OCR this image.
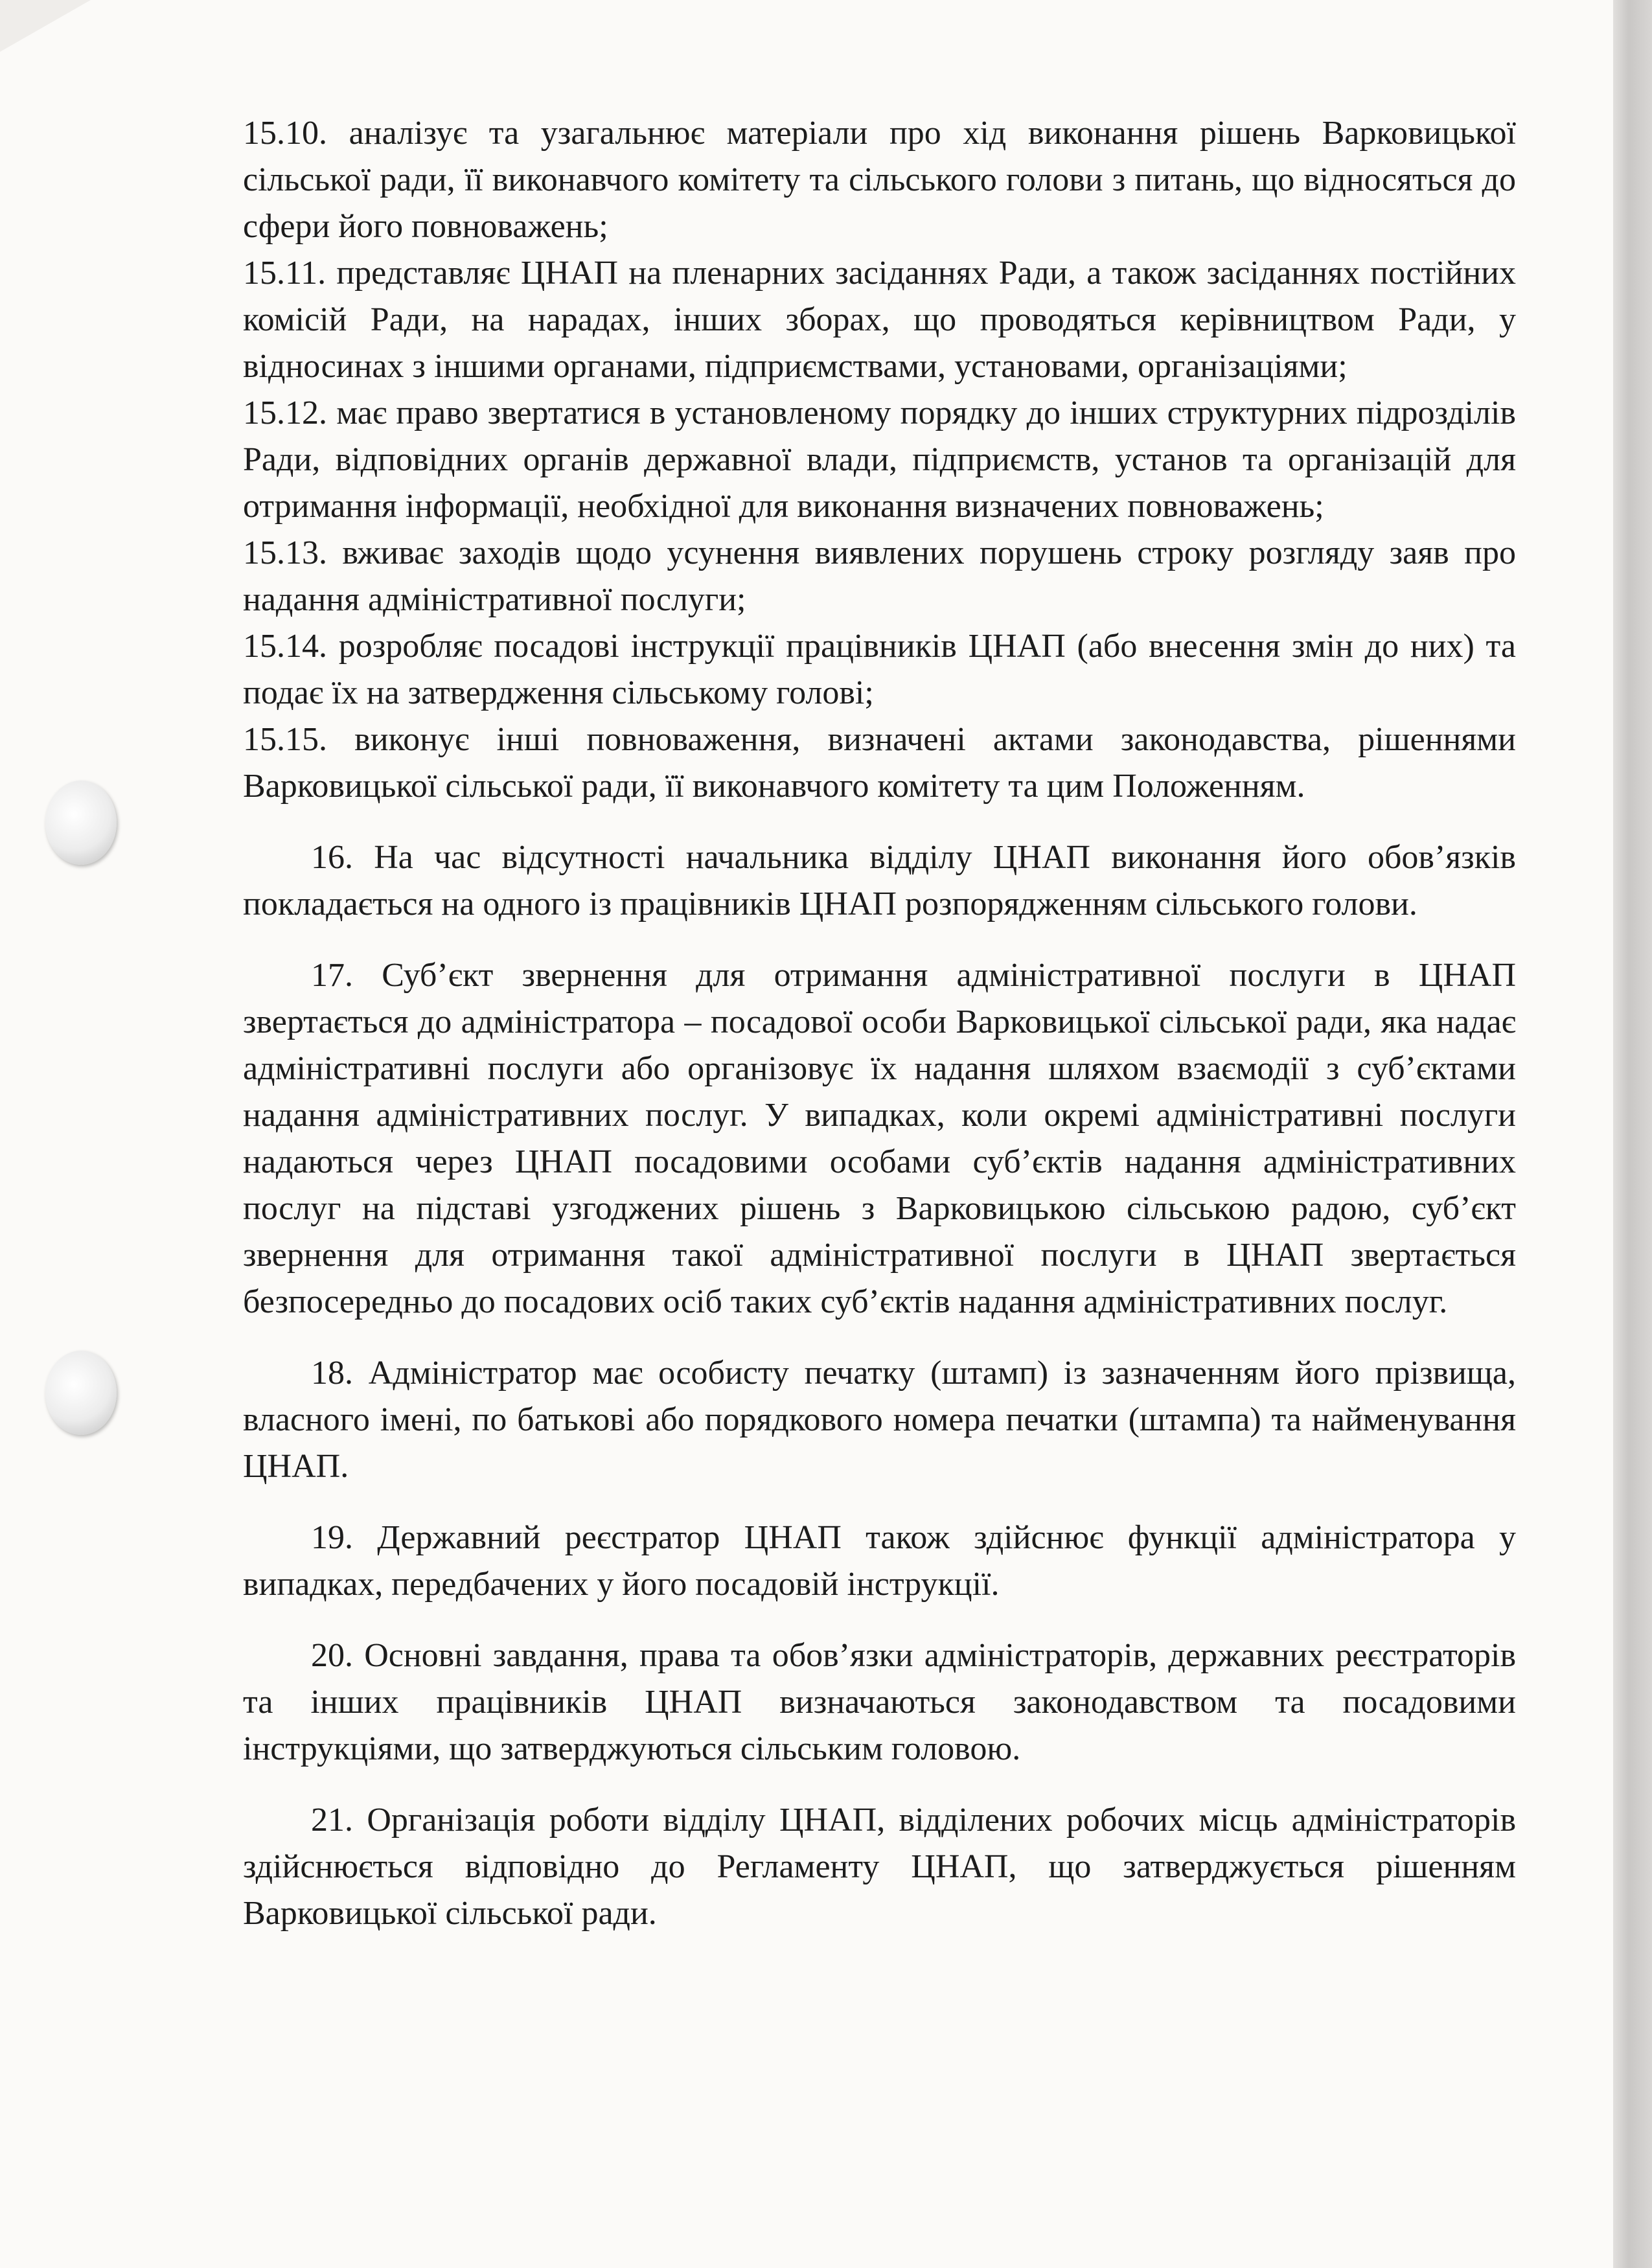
15.10. аналізує та узагальнює матеріали про хід виконання рішень Варковицької сільської ради, її виконавчого комітету та сільського голови з питань, що відносяться до сфери його повноважень;

15.11. представляє ЦНАП на пленарних засіданнях Ради, а також засіданнях постійних комісій Ради, на нарадах, інших зборах, що проводяться керівництвом Ради, у відносинах з іншими органами, підприємствами, установами, організаціями;

15.12. має право звертатися в установленому порядку до інших структурних підрозділів Ради, відповідних органів державної влади, підприємств, установ та організацій для отримання інформації, необхідної для виконання визначених повноважень;

15.13. вживає заходів щодо усунення виявлених порушень строку розгляду заяв про надання адміністративної послуги;

15.14. розробляє посадові інструкції працівників ЦНАП (або внесення змін до них) та подає їх на затвердження сільському голові;

15.15. виконує інші повноваження, визначені актами законодавства, рішеннями Варковицької сільської ради, її виконавчого комітету та цим Положенням.

16. На час відсутності начальника відділу ЦНАП виконання його обов’язків покладається на одного із працівників ЦНАП розпорядженням сільського голови.

17. Суб’єкт звернення для отримання адміністративної послуги в ЦНАП звертається до адміністратора – посадової особи Варковицької сільської ради, яка надає адміністративні послуги або організовує їх надання шляхом взаємодії з суб’єктами надання адміністративних послуг. У випадках, коли окремі адміністративні послуги надаються через ЦНАП посадовими особами суб’єктів надання адміністративних послуг на підставі узгоджених рішень з Варковицькою сільською радою, суб’єкт звернення для отримання такої адміністративної послуги в ЦНАП звертається безпосередньо до посадових осіб таких суб’єктів надання адміністративних послуг.

18. Адміністратор має особисту печатку (штамп) із зазначенням його прізвища, власного імені, по батькові або порядкового номера печатки (штампа) та найменування ЦНАП.

19. Державний реєстратор ЦНАП також здійснює функції адміністратора у випадках, передбачених у його посадовій інструкції.

20. Основні завдання, права та обов’язки адміністраторів, державних реєстраторів та інших працівників ЦНАП визначаються законодавством та посадовими інструкціями, що затверджуються сільським головою.

21. Організація роботи відділу ЦНАП, відділених робочих місць адміністраторів здійснюється відповідно до Регламенту ЦНАП, що затверджується рішенням Варковицької сільської ради.
